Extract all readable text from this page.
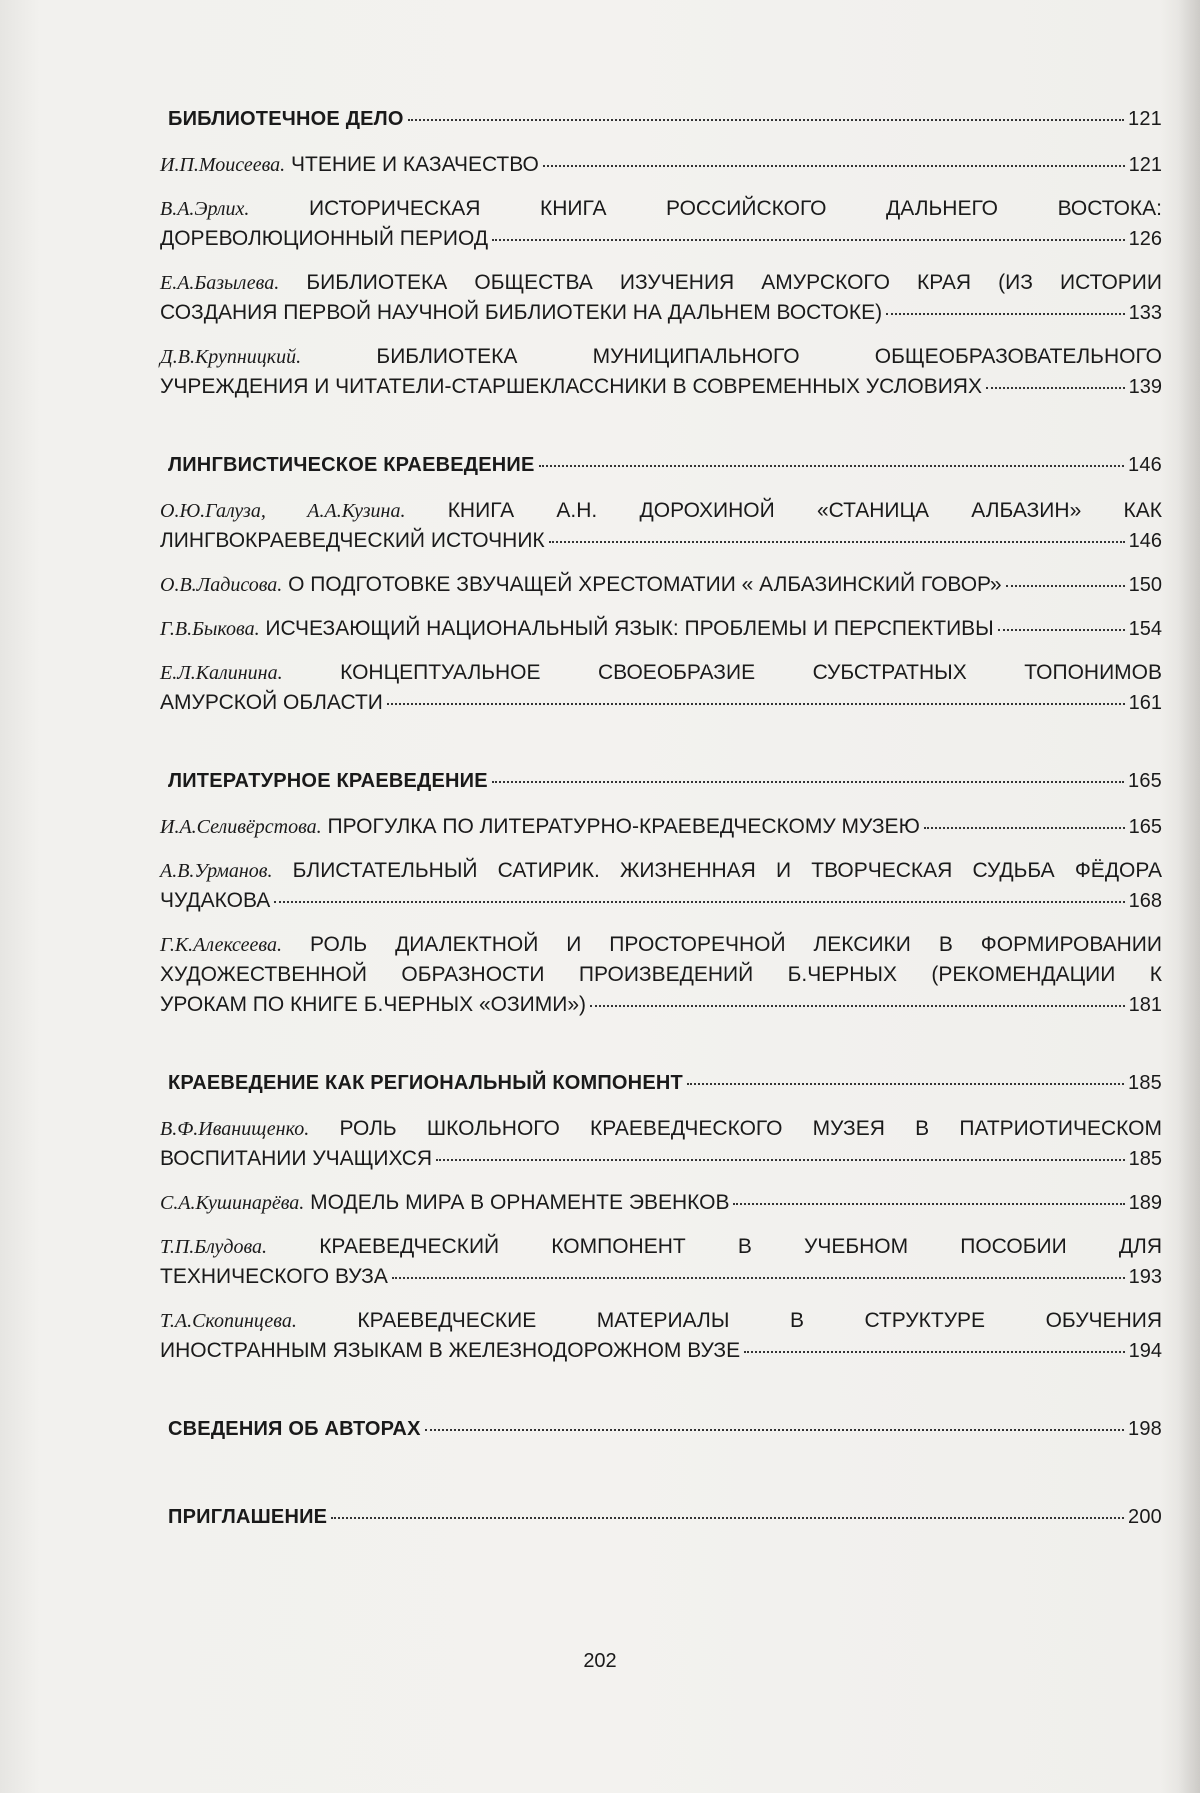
БИБЛИОТЕЧНОЕ ДЕЛО	121
И.П.Моисеева. ЧТЕНИЕ И КАЗАЧЕСТВО	121
В.А.Эрлих.	ИСТОРИЧЕСКАЯ КНИГА РОССИЙСКОГО ДАЛЬНЕГО ВОСТОКА:
ДОРЕВОЛЮЦИОННЫЙ ПЕРИОД	126
Е.А.Базылева. БИБЛИОТЕКА ОБЩЕСТВА ИЗУЧЕНИЯ АМУРСКОГО КРАЯ (ИЗ ИСТОРИИ
СОЗДАНИЯ ПЕРВОЙ НАУЧНОЙ БИБЛИОТЕКИ НА ДАЛЬНЕМ ВОСТОКЕ)	133
Д.В.Крупницкий.	БИБЛИОТЕКА МУНИЦИПАЛЬНОГО ОБЩЕОБРАЗОВАТЕЛЬНОГО
УЧРЕЖДЕНИЯ И ЧИТАТЕЛИ-СТАРШЕКЛАССНИКИ В СОВРЕМЕННЫХ УСЛОВИЯХ	139
ЛИНГВИСТИЧЕСКОЕ КРАЕВЕДЕНИЕ	146
О.Ю.Галуза, А.А.Кузина. КНИГА А.Н. ДОРОХИНОЙ «СТАНИЦА АЛБАЗИН» КАК
ЛИНГВОКРАЕВЕДЧЕСКИЙ ИСТОЧНИК	146
О.В.Ладисова. О ПОДГОТОВКЕ ЗВУЧАЩЕЙ ХРЕСТОМАТИИ « АЛБАЗИНСКИЙ ГОВОР»	150
Г.В.Быкова. ИСЧЕЗАЮЩИЙ НАЦИОНАЛЬНЫЙ ЯЗЫК: ПРОБЛЕМЫ И ПЕРСПЕКТИВЫ	154
Е.Л.Калинина.	КОНЦЕПТУАЛЬНОЕ СВОЕОБРАЗИЕ СУБСТРАТНЫХ ТОПОНИМОВ
АМУРСКОЙ ОБЛАСТИ	161
ЛИТЕРАТУРНОЕ КРАЕВЕДЕНИЕ	165
И.А.Селивёрстова. ПРОГУЛКА ПО ЛИТЕРАТУРНО-КРАЕВЕДЧЕСКОМУ МУЗЕЮ	165
А.В.Урманов. БЛИСТАТЕЛЬНЫЙ САТИРИК. ЖИЗНЕННАЯ И ТВОРЧЕСКАЯ СУДЬБА ФЁДОРА
ЧУДАКОВА	168
Г.К.Алексеева. РОЛЬ ДИАЛЕКТНОЙ И ПРОСТОРЕЧНОЙ ЛЕКСИКИ В ФОРМИРОВАНИИ
ХУДОЖЕСТВЕННОЙ ОБРАЗНОСТИ ПРОИЗВЕДЕНИЙ Б.ЧЕРНЫХ (РЕКОМЕНДАЦИИ К
УРОКАМ ПО КНИГЕ Б.ЧЕРНЫХ «ОЗИМИ»)	181
КРАЕВЕДЕНИЕ КАК РЕГИОНАЛЬНЫЙ КОМПОНЕНТ	185
В.Ф.Иванищенко. РОЛЬ ШКОЛЬНОГО КРАЕВЕДЧЕСКОГО МУЗЕЯ В ПАТРИОТИЧЕСКОМ
ВОСПИТАНИИ УЧАЩИХСЯ	185
С.А.Кушинарёва. МОДЕЛЬ МИРА В ОРНАМЕНТЕ ЭВЕНКОВ	189
Т.П.Блудова. КРАЕВЕДЧЕСКИЙ КОМПОНЕНТ В УЧЕБНОМ ПОСОБИИ ДЛЯ
ТЕХНИЧЕСКОГО ВУЗА	193
Т.А.Скопинцева.	КРАЕВЕДЧЕСКИЕ МАТЕРИАЛЫ В СТРУКТУРЕ ОБУЧЕНИЯ
ИНОСТРАННЫМ ЯЗЫКАМ В ЖЕЛЕЗНОДОРОЖНОМ ВУЗЕ	194
СВЕДЕНИЯ ОБ АВТОРАХ	198
ПРИГЛАШЕНИЕ	200
202
